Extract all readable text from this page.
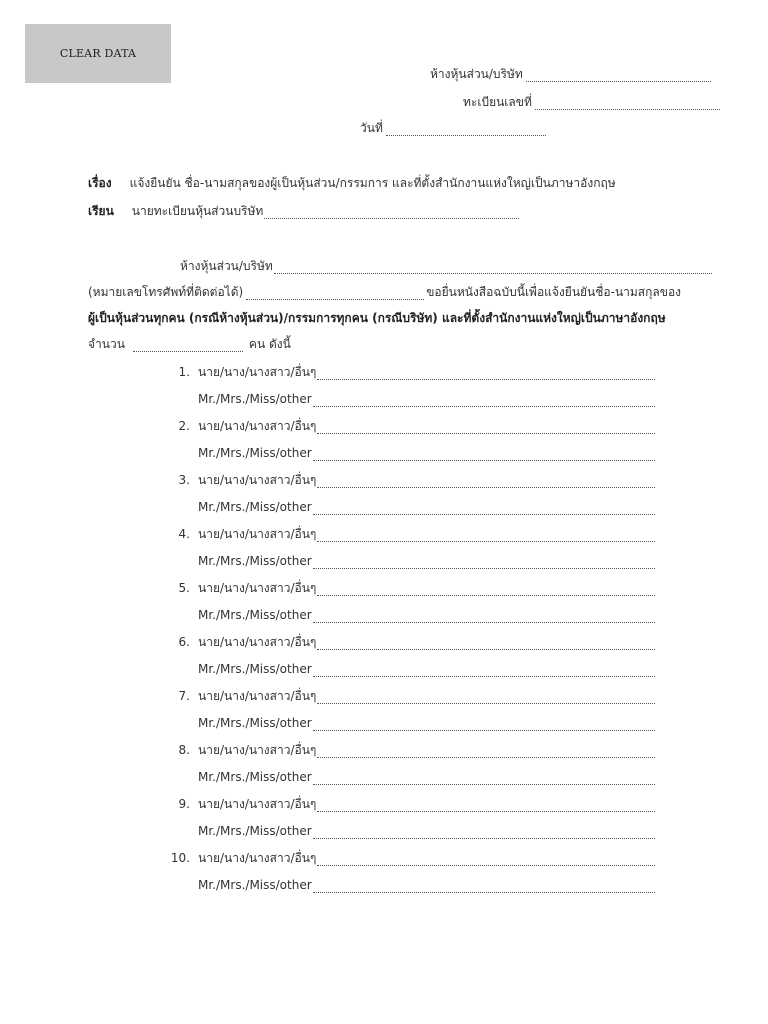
CLEAR DATA
ห้างหุ้นส่วน/บริษัท
ทะเบียนเลขที่
วันที่
เรื่อง แจ้งยืนยัน ชื่อ-นามสกุลของผู้เป็นหุ้นส่วน/กรรมการ และที่ตั้งสำนักงานแห่งใหญ่เป็นภาษาอังกฤษ
เรียน นายทะเบียนหุ้นส่วนบริษัท
ห้างหุ้นส่วน/บริษัท
(หมายเลขโทรศัพท์ที่ติดต่อได้)	ขอยื่นหนังสือฉบับนี้เพื่อแจ้งยืนยันชื่อ-นามสกุลของ
ผู้เป็นหุ้นส่วนทุกคน (กรณีห้างหุ้นส่วน)/กรรมการทุกคน (กรณีบริษัท) และที่ตั้งสำนักงานแห่งใหญ่เป็นภาษาอังกฤษ
จำนวน	คน ดังนี้
1. นาย/นาง/นางสาว/อื่นๆ
Mr./Mrs./Miss/other
2. นาย/นาง/นางสาว/อื่นๆ
Mr./Mrs./Miss/other
3. นาย/นาง/นางสาว/อื่นๆ
Mr./Mrs./Miss/other
4. นาย/นาง/นางสาว/อื่นๆ
Mr./Mrs./Miss/other
5. นาย/นาง/นางสาว/อื่นๆ
Mr./Mrs./Miss/other
6. นาย/นาง/นางสาว/อื่นๆ
Mr./Mrs./Miss/other
7. นาย/นาง/นางสาว/อื่นๆ
Mr./Mrs./Miss/other
8. นาย/นาง/นางสาว/อื่นๆ
Mr./Mrs./Miss/other
9. นาย/นาง/นางสาว/อื่นๆ
Mr./Mrs./Miss/other
10. นาย/นาง/นางสาว/อื่นๆ
Mr./Mrs./Miss/other
